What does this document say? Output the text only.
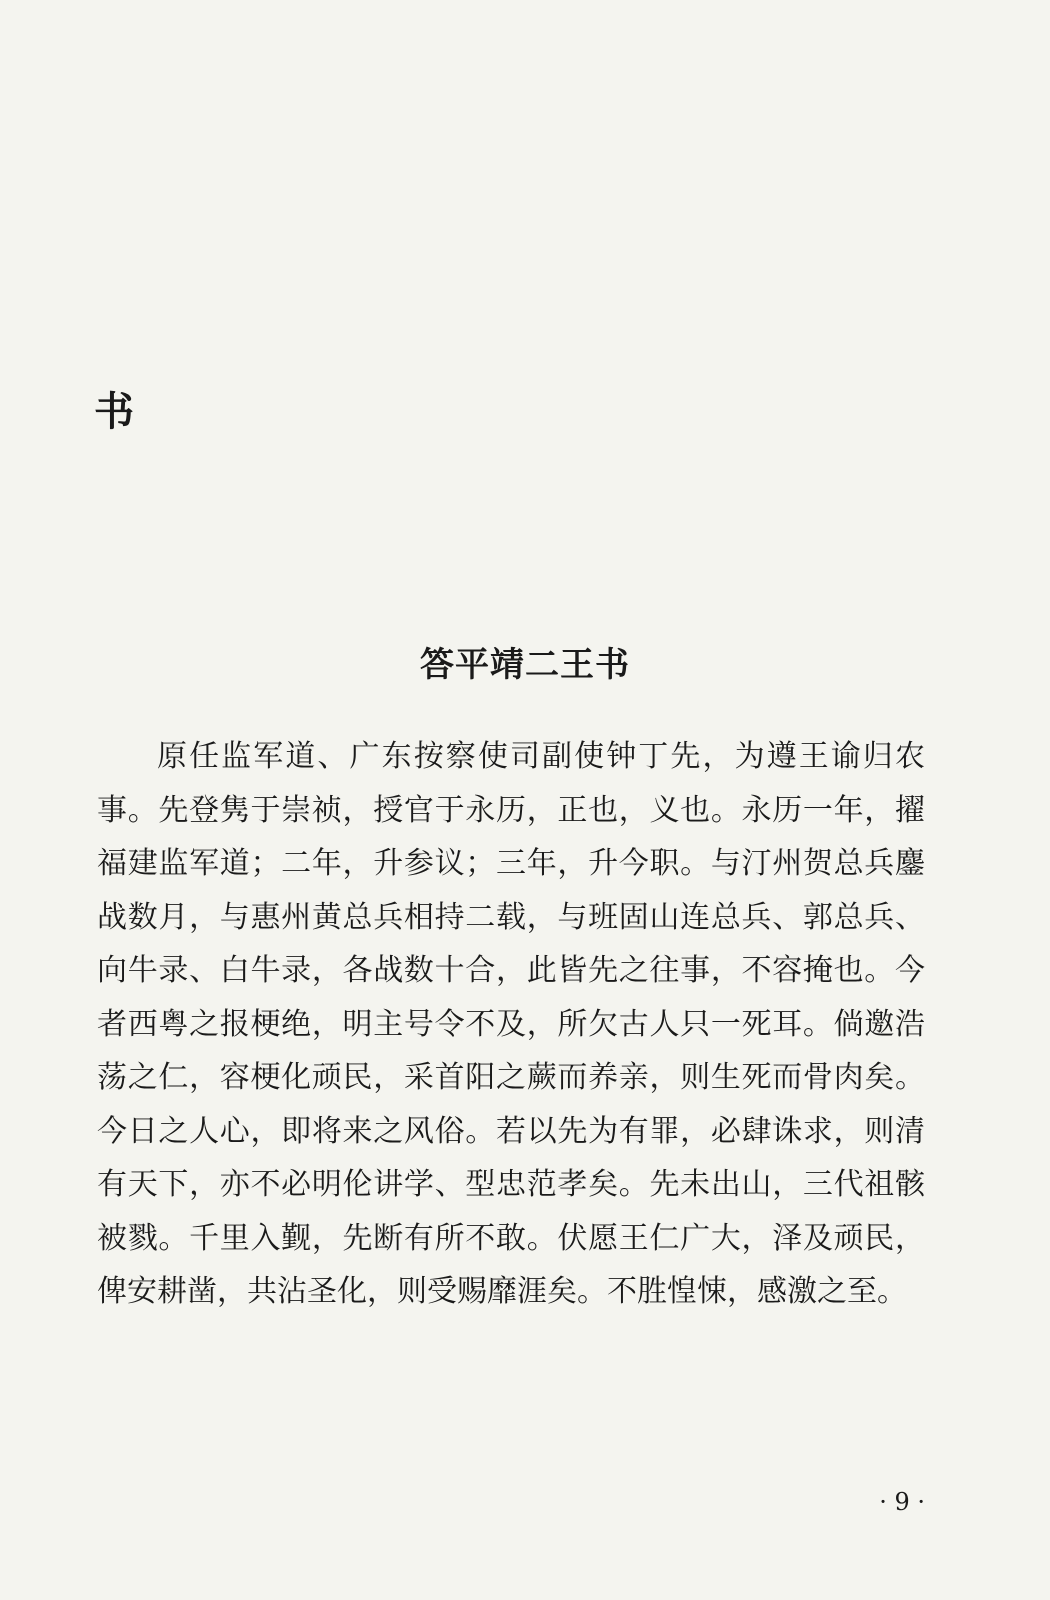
书
答平靖二王书

原任监军道、广东按察使司副使钟丁先，为遵王谕归农事。先登隽于崇祯，授官于永历，正也，义也。永历一年，擢福建监军道；二年，升参议；三年，升今职。与汀州贺总兵鏖战数月，与惠州黄总兵相持二载，与班固山连总兵、郭总兵、向牛录、白牛录，各战数十合，此皆先之往事，不容掩也。今者西粤之报梗绝，明主号令不及，所欠古人只一死耳。倘邀浩荡之仁，容梗化顽民，采首阳之蕨而养亲，则生死而骨肉矣。今日之人心，即将来之风俗。若以先为有罪，必肆诛求，则清有天下，亦不必明伦讲学、型忠范孝矣。先未出山，三代祖骸被戮。千里入觐，先断有所不敢。伏愿王仁广大，泽及顽民，俾安耕凿，共沾圣化，则受赐靡涯矣。不胜惶悚，感激之至。

· 9 ·
